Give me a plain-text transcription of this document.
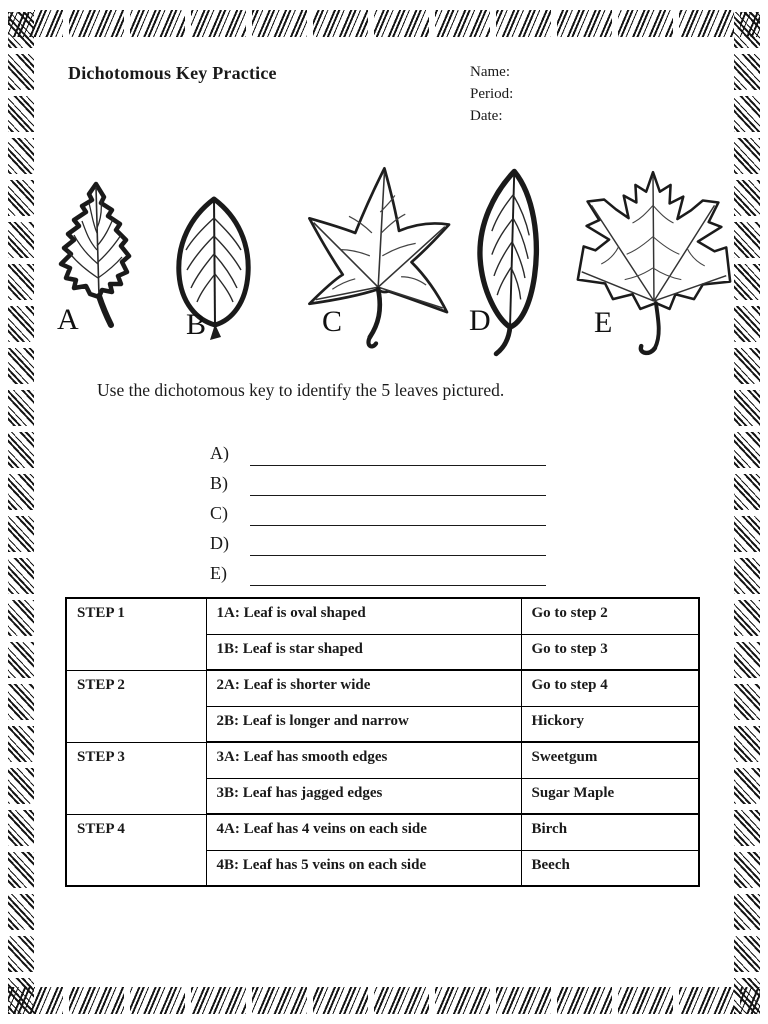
Dichotomous Key Practice	Name:
Period:
Date:
A	B	C	D	E
Use the dichotomous key to identify the 5 leaves pictured.
A)
B)
C)
D)
E)
STEP 1	1A: Leaf is oval shaped	Go to step 2
	1B: Leaf is star shaped	Go to step 3
STEP 2	2A: Leaf is shorter wide	Go to step 4
	2B: Leaf is longer and narrow	Hickory
STEP 3	3A: Leaf has smooth edges	Sweetgum
	3B: Leaf has jagged edges	Sugar Maple
STEP 4	4A: Leaf has 4 veins on each side	Birch
	4B: Leaf has 5 veins on each side	Beech
